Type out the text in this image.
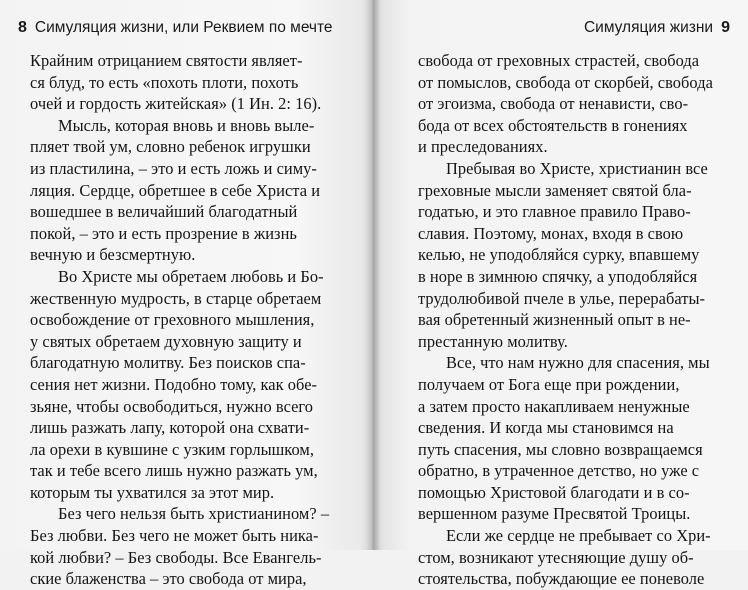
8 Симуляция жизни, или Реквием по мечте
Крайним отрицанием святости являет-
ся блуд, то есть «похоть плоти, похоть
очей и гордость житейская» (1 Ин. 2: 16).
Мысль, которая вновь и вновь выле-
пляет твой ум, словно ребенок игрушки
из пластилина, – это и есть ложь и симу-
ляция. Сердце, обретшее в себе Христа и
вошедшее в величайший благодатный
покой, – это и есть прозрение в жизнь
вечную и безсмертную.
Во Христе мы обретаем любовь и Бо-
жественную мудрость, в старце обретаем
освобождение от греховного мышления,
у святых обретаем духовную защиту и
благодатную молитву. Без поисков спа-
сения нет жизни. Подобно тому, как обе-
зьяне, чтобы освободиться, нужно всего
лишь разжать лапу, которой она схвати-
ла орехи в кувшине с узким горлышком,
так и тебе всего лишь нужно разжать ум,
которым ты ухватился за этот мир.
Без чего нельзя быть христианином? –
Без любви. Без чего не может быть ника-
кой любви? – Без свободы. Все Евангель-
ские блаженства – это свобода от мира,
Симуляция жизни 9
свобода от греховных страстей, свобода
от помыслов, свобода от скорбей, свобода
от эгоизма, свобода от ненависти, сво-
бода от всех обстоятельств в гонениях
и преследованиях.
Пребывая во Христе, христианин все
греховные мысли заменяет святой бла-
годатью, и это главное правило Право-
славия. Поэтому, монах, входя в свою
келью, не уподобляйся сурку, впавшему
в норе в зимнюю спячку, а уподобляйся
трудолюбивой пчеле в улье, перерабаты-
вая обретенный жизненный опыт в не-
престанную молитву.
Все, что нам нужно для спасения, мы
получаем от Бога еще при рождении,
а затем просто накапливаем ненужные
сведения. И когда мы становимся на
путь спасения, мы словно возвращаемся
обратно, в утраченное детство, но уже с
помощью Христовой благодати и в со-
вершенном разуме Пресвятой Троицы.
Если же сердце не пребывает со Хри-
стом, возникают утесняющие душу об-
стоятельства, побуждающие ее поневоле
